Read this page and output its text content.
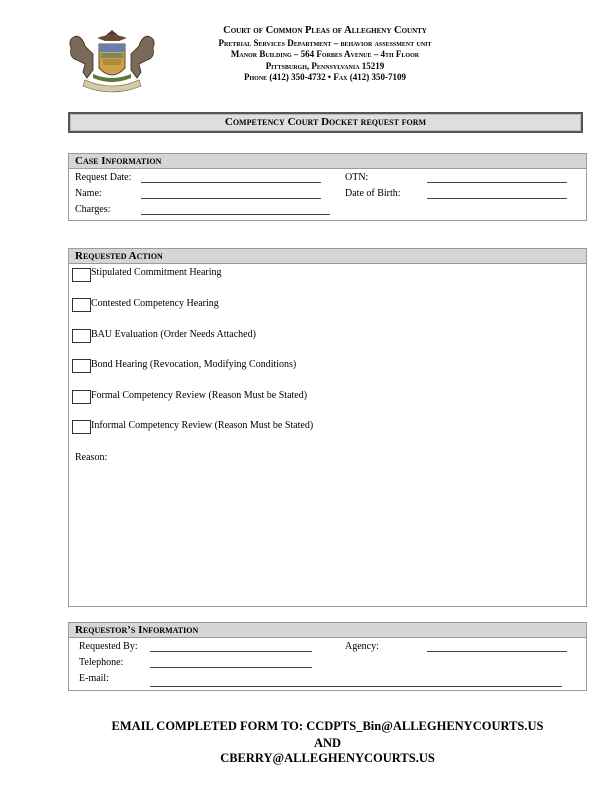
Court of Common Pleas of Allegheny County
Pretrial Services Department – behavior assessment unit
Manor Building – 564 Forbes Avenue – 4th Floor
Pittsburgh, Pennsylvania 15219
Phone (412) 350-4732 • Fax (412) 350-7109
Competency Court Docket request form
Case Information
Request Date:	OTN:
Name:	Date of Birth:
Charges:
Requested Action
Stipulated Commitment Hearing
Contested Competency Hearing
BAU Evaluation (Order Needs Attached)
Bond Hearing (Revocation, Modifying Conditions)
Formal Competency Review (Reason Must be Stated)
Informal Competency Review (Reason Must be Stated)
Reason:
Requestor’s Information
Requested By:	Agency:
Telephone:
E-mail:
EMAIL COMPLETED FORM TO: CCDPTS_Bin@ALLEGHENYCOURTS.US
AND
CBERRY@ALLEGHENYCOURTS.US
